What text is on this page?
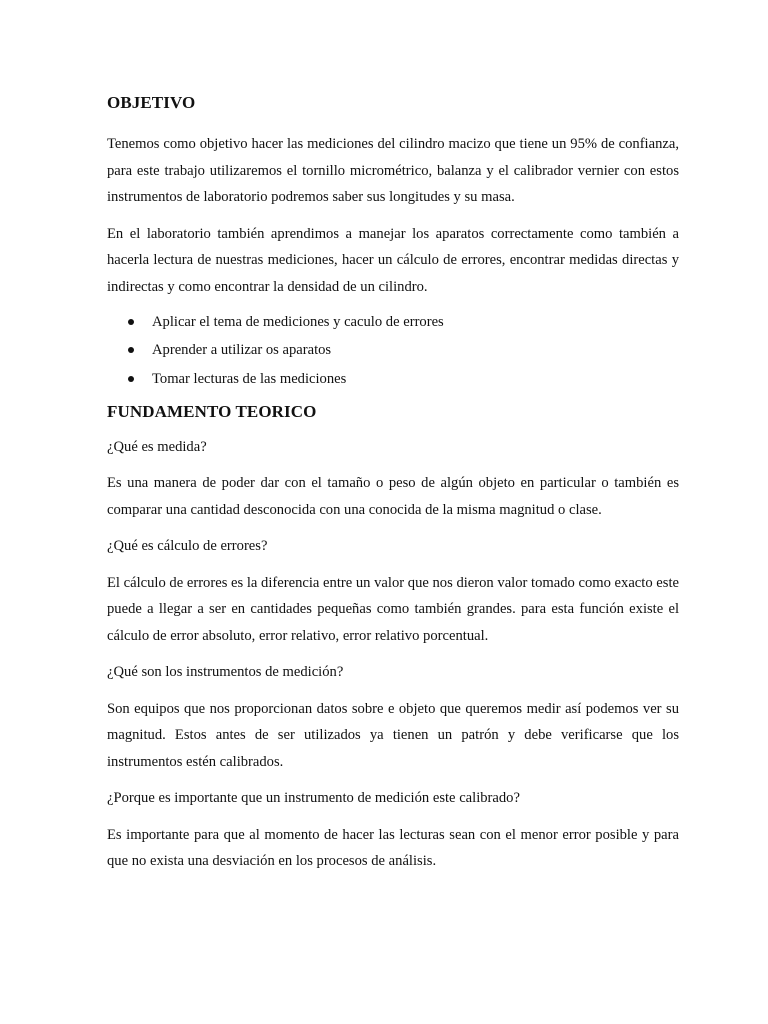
OBJETIVO

Tenemos como objetivo hacer las mediciones del cilindro macizo que tiene un 95% de confianza, para este trabajo utilizaremos el tornillo micrométrico, balanza y el calibrador vernier con estos instrumentos de laboratorio podremos saber sus longitudes y su masa.

En el laboratorio también aprendimos a manejar los aparatos correctamente como también a hacerla lectura de nuestras mediciones, hacer un cálculo de errores, encontrar medidas directas y indirectas y como encontrar la densidad de un cilindro.

Aplicar el tema de mediciones y caculo de errores
Aprender a utilizar os aparatos
Tomar lecturas de las mediciones
FUNDAMENTO TEORICO

¿Qué es medida?

Es una manera de poder dar con el tamaño o peso de algún objeto en particular o también es comparar una cantidad desconocida con una conocida de la misma magnitud o clase.

¿Qué es cálculo de errores?

El cálculo de errores es la diferencia entre un valor que nos dieron valor tomado como exacto este puede a llegar a ser en cantidades pequeñas como también grandes. para esta función existe el cálculo de error absoluto, error relativo, error relativo porcentual.

¿Qué son los instrumentos de medición?

Son equipos que nos proporcionan datos sobre e objeto que queremos medir así podemos ver su magnitud. Estos antes de ser utilizados ya tienen un patrón y debe verificarse que los instrumentos estén calibrados.

¿Porque es importante que un instrumento de medición este calibrado?

Es importante para que al momento de hacer las lecturas sean con el menor error posible y para que no exista una desviación en los procesos de análisis.
